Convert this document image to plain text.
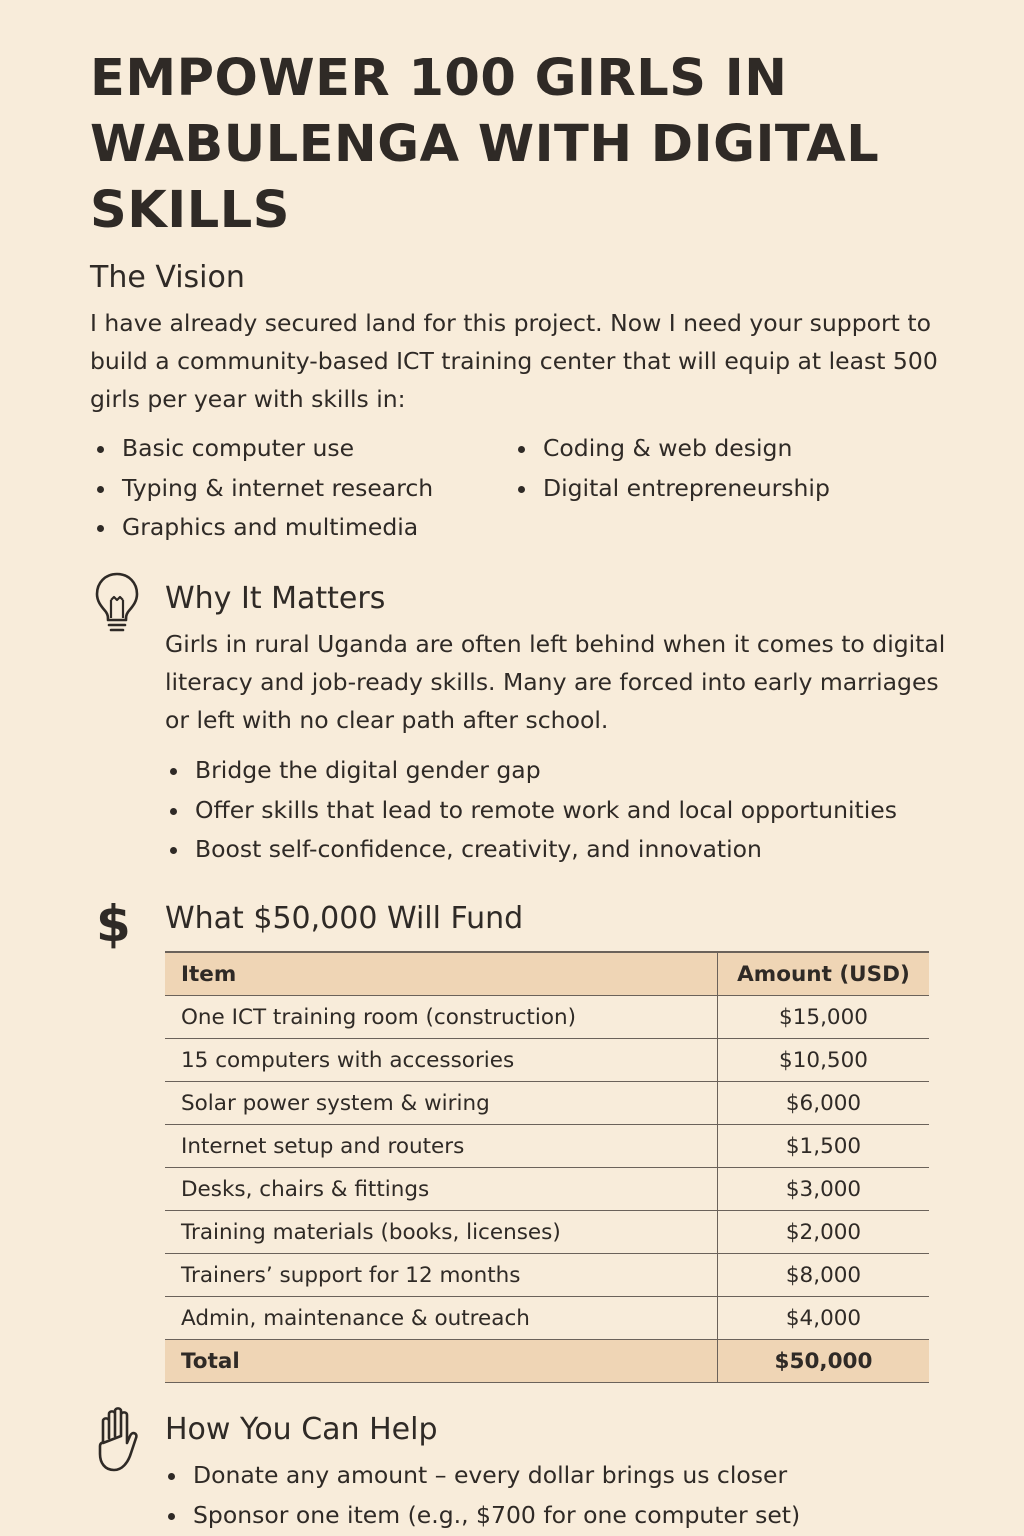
EMPOWER 100 GIRLS IN WABULENGA WITH DIGITAL SKILLS
The Vision

I have already secured land for this project. Now I need your support to build a community-based ICT training center that will equip at least 500 girls per year with skills in:

Basic computer use
Typing & internet research
Graphics and multimedia
Coding & web design
Digital entrepreneurship
Why It Matters

Girls in rural Uganda are often left behind when it comes to digital literacy and job-ready skills. Many are forced into early marriages or left with no clear path after school.

Bridge the digital gender gap
Offer skills that lead to remote work and local opportunities
Boost self-confidence, creativity, and innovation
$ What $50,000 Will Fund
Item	Amount (USD)
One ICT training room (construction)	$15,000
15 computers with accessories	$10,500
Solar power system & wiring	$6,000
Internet setup and routers	$1,500
Desks, chairs & fittings	$3,000
Training materials (books, licenses)	$2,000
Trainers’ support for 12 months	$8,000
Admin, maintenance & outreach	$4,000
Total	$50,000
How You Can Help
Donate any amount – every dollar brings us closer
Sponsor one item (e.g., $700 for one computer set)
